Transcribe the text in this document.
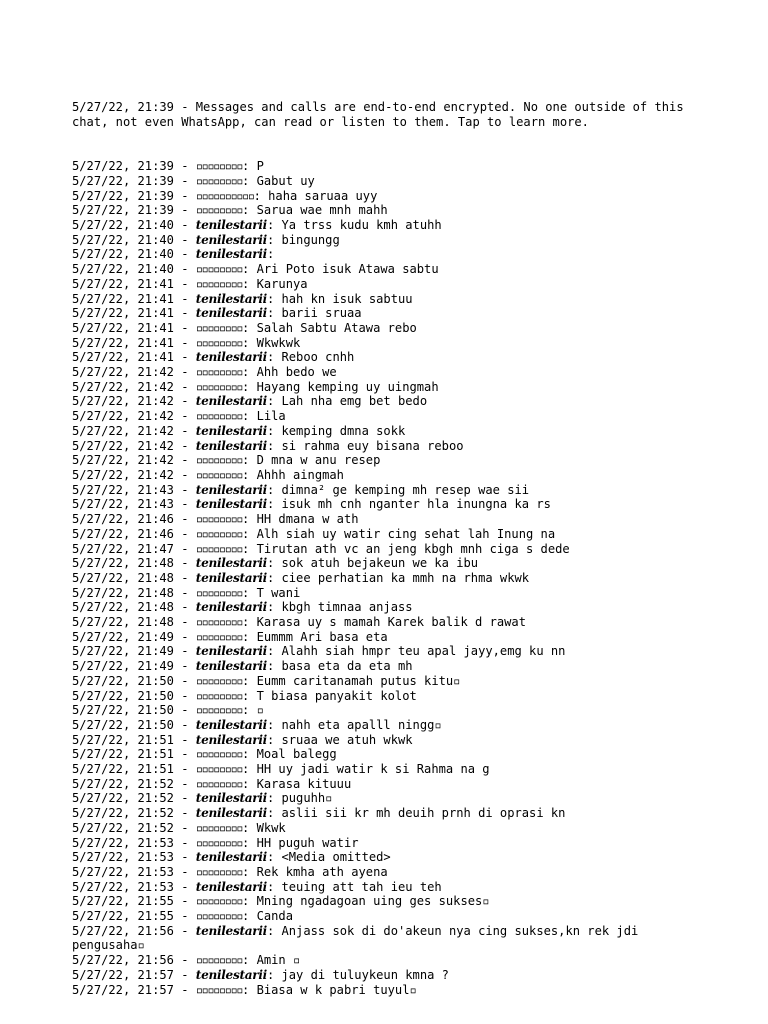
5/27/22, 21:39 - Messages and calls are end-to-end encrypted. No one outside of this chat, not even WhatsApp, can read or listen to them. Tap to learn more.

5/27/22, 21:39 - ▫▫▫▫▫▫▫▫: P
5/27/22, 21:39 - ▫▫▫▫▫▫▫▫: Gabut uy
5/27/22, 21:39 - ▫▫▫▫▫▫▫▫▫▫: haha saruaa uyy
5/27/22, 21:39 - ▫▫▫▫▫▫▫▫: Sarua wae mnh mahh
5/27/22, 21:40 - 𝒕𝒆𝒏𝒊𝒍𝒆𝒔𝒕𝒂𝒓𝒊𝒊: Ya trss kudu kmh atuhh
5/27/22, 21:40 - 𝒕𝒆𝒏𝒊𝒍𝒆𝒔𝒕𝒂𝒓𝒊𝒊: bingungg
5/27/22, 21:40 - 𝒕𝒆𝒏𝒊𝒍𝒆𝒔𝒕𝒂𝒓𝒊𝒊:
5/27/22, 21:40 - ▫▫▫▫▫▫▫▫: Ari Poto isuk Atawa sabtu
5/27/22, 21:41 - ▫▫▫▫▫▫▫▫: Karunya
5/27/22, 21:41 - 𝒕𝒆𝒏𝒊𝒍𝒆𝒔𝒕𝒂𝒓𝒊𝒊: hah kn isuk sabtuu
5/27/22, 21:41 - 𝒕𝒆𝒏𝒊𝒍𝒆𝒔𝒕𝒂𝒓𝒊𝒊: barii sruaa
5/27/22, 21:41 - ▫▫▫▫▫▫▫▫: Salah Sabtu Atawa rebo
5/27/22, 21:41 - ▫▫▫▫▫▫▫▫: Wkwkwk
5/27/22, 21:41 - 𝒕𝒆𝒏𝒊𝒍𝒆𝒔𝒕𝒂𝒓𝒊𝒊: Reboo cnhh
5/27/22, 21:42 - ▫▫▫▫▫▫▫▫: Ahh bedo we
5/27/22, 21:42 - ▫▫▫▫▫▫▫▫: Hayang kemping uy uingmah
5/27/22, 21:42 - 𝒕𝒆𝒏𝒊𝒍𝒆𝒔𝒕𝒂𝒓𝒊𝒊: Lah nha emg bet bedo
5/27/22, 21:42 - ▫▫▫▫▫▫▫▫: Lila
5/27/22, 21:42 - 𝒕𝒆𝒏𝒊𝒍𝒆𝒔𝒕𝒂𝒓𝒊𝒊: kemping dmna sokk
5/27/22, 21:42 - 𝒕𝒆𝒏𝒊𝒍𝒆𝒔𝒕𝒂𝒓𝒊𝒊: si rahma euy bisana reboo
5/27/22, 21:42 - ▫▫▫▫▫▫▫▫: D mna w anu resep
5/27/22, 21:42 - ▫▫▫▫▫▫▫▫: Ahhh aingmah
5/27/22, 21:43 - 𝒕𝒆𝒏𝒊𝒍𝒆𝒔𝒕𝒂𝒓𝒊𝒊: dimna² ge kemping mh resep wae sii
5/27/22, 21:43 - 𝒕𝒆𝒏𝒊𝒍𝒆𝒔𝒕𝒂𝒓𝒊𝒊: isuk mh cnh nganter hla inungna ka rs
5/27/22, 21:46 - ▫▫▫▫▫▫▫▫: HH dmana w ath
5/27/22, 21:46 - ▫▫▫▫▫▫▫▫: Alh siah uy watir cing sehat lah Inung na
5/27/22, 21:47 - ▫▫▫▫▫▫▫▫: Tirutan ath vc an jeng kbgh mnh ciga s dede
5/27/22, 21:48 - 𝒕𝒆𝒏𝒊𝒍𝒆𝒔𝒕𝒂𝒓𝒊𝒊: sok atuh bejakeun we ka ibu
5/27/22, 21:48 - 𝒕𝒆𝒏𝒊𝒍𝒆𝒔𝒕𝒂𝒓𝒊𝒊: ciee perhatian ka mmh na rhma wkwk
5/27/22, 21:48 - ▫▫▫▫▫▫▫▫: T wani
5/27/22, 21:48 - 𝒕𝒆𝒏𝒊𝒍𝒆𝒔𝒕𝒂𝒓𝒊𝒊: kbgh timnaa anjass
5/27/22, 21:48 - ▫▫▫▫▫▫▫▫: Karasa uy s mamah Karek balik d rawat
5/27/22, 21:49 - ▫▫▫▫▫▫▫▫: Eummm Ari basa eta
5/27/22, 21:49 - 𝒕𝒆𝒏𝒊𝒍𝒆𝒔𝒕𝒂𝒓𝒊𝒊: Alahh siah hmpr teu apal jayy,emg ku nn
5/27/22, 21:49 - 𝒕𝒆𝒏𝒊𝒍𝒆𝒔𝒕𝒂𝒓𝒊𝒊: basa eta da eta mh
5/27/22, 21:50 - ▫▫▫▫▫▫▫▫: Eumm caritanamah putus kitu▫
5/27/22, 21:50 - ▫▫▫▫▫▫▫▫: T biasa panyakit kolot
5/27/22, 21:50 - ▫▫▫▫▫▫▫▫: ▫
5/27/22, 21:50 - 𝒕𝒆𝒏𝒊𝒍𝒆𝒔𝒕𝒂𝒓𝒊𝒊: nahh eta apalll ningg▫
5/27/22, 21:51 - 𝒕𝒆𝒏𝒊𝒍𝒆𝒔𝒕𝒂𝒓𝒊𝒊: sruaa we atuh wkwk
5/27/22, 21:51 - ▫▫▫▫▫▫▫▫: Moal balegg
5/27/22, 21:51 - ▫▫▫▫▫▫▫▫: HH uy jadi watir k si Rahma na g
5/27/22, 21:52 - ▫▫▫▫▫▫▫▫: Karasa kituuu
5/27/22, 21:52 - 𝒕𝒆𝒏𝒊𝒍𝒆𝒔𝒕𝒂𝒓𝒊𝒊: puguhh▫
5/27/22, 21:52 - 𝒕𝒆𝒏𝒊𝒍𝒆𝒔𝒕𝒂𝒓𝒊𝒊: aslii sii kr mh deuih prnh di oprasi kn
5/27/22, 21:52 - ▫▫▫▫▫▫▫▫: Wkwk
5/27/22, 21:53 - ▫▫▫▫▫▫▫▫: HH puguh watir
5/27/22, 21:53 - 𝒕𝒆𝒏𝒊𝒍𝒆𝒔𝒕𝒂𝒓𝒊𝒊: <Media omitted>
5/27/22, 21:53 - ▫▫▫▫▫▫▫▫: Rek kmha ath ayena
5/27/22, 21:53 - 𝒕𝒆𝒏𝒊𝒍𝒆𝒔𝒕𝒂𝒓𝒊𝒊: teuing att tah ieu teh
5/27/22, 21:55 - ▫▫▫▫▫▫▫▫: Mning ngadagoan uing ges sukses▫
5/27/22, 21:55 - ▫▫▫▫▫▫▫▫: Canda
5/27/22, 21:56 - 𝒕𝒆𝒏𝒊𝒍𝒆𝒔𝒕𝒂𝒓𝒊𝒊: Anjass sok di do'akeun nya cing sukses,kn rek jdi pengusaha▫
5/27/22, 21:56 - ▫▫▫▫▫▫▫▫: Amin ▫
5/27/22, 21:57 - 𝒕𝒆𝒏𝒊𝒍𝒆𝒔𝒕𝒂𝒓𝒊𝒊: jay di tuluykeun kmna ?
5/27/22, 21:57 - ▫▫▫▫▫▫▫▫: Biasa w k pabri tuyul▫
